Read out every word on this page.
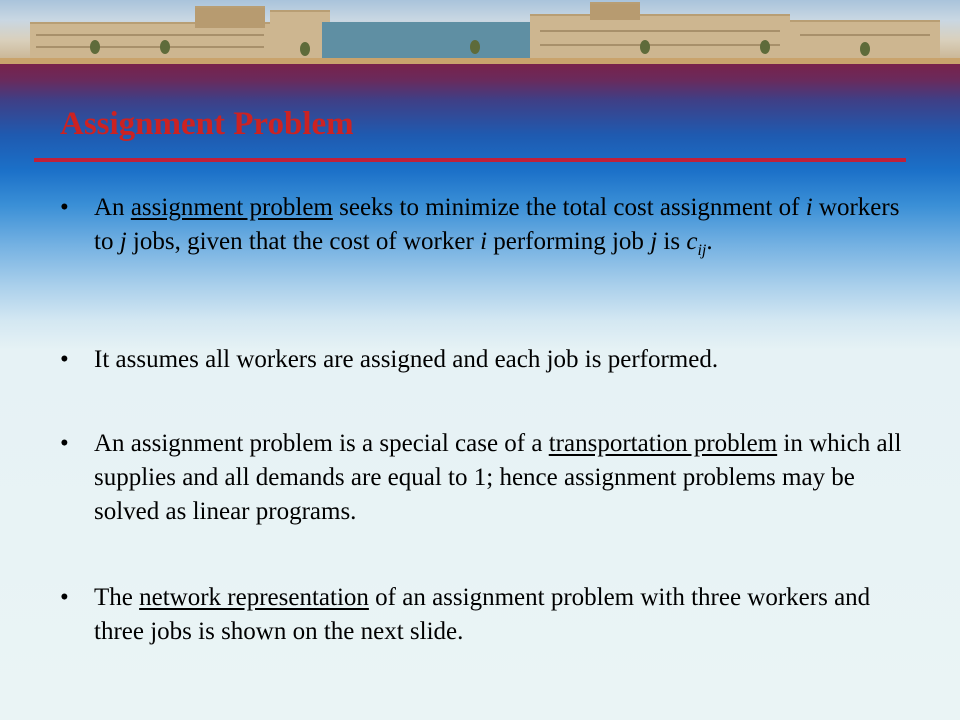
Assignment Problem
• An assignment problem seeks to minimize the total cost assignment of i workers to j jobs, given that the cost of worker i performing job j is $c_{ij}$.
• It assumes all workers are assigned and each job is performed.
• An assignment problem is a special case of a transportation problem in which all supplies and all demands are equal to 1; hence assignment problems may be solved as linear programs.
• The network representation of an assignment problem with three workers and three jobs is shown on the next slide.
